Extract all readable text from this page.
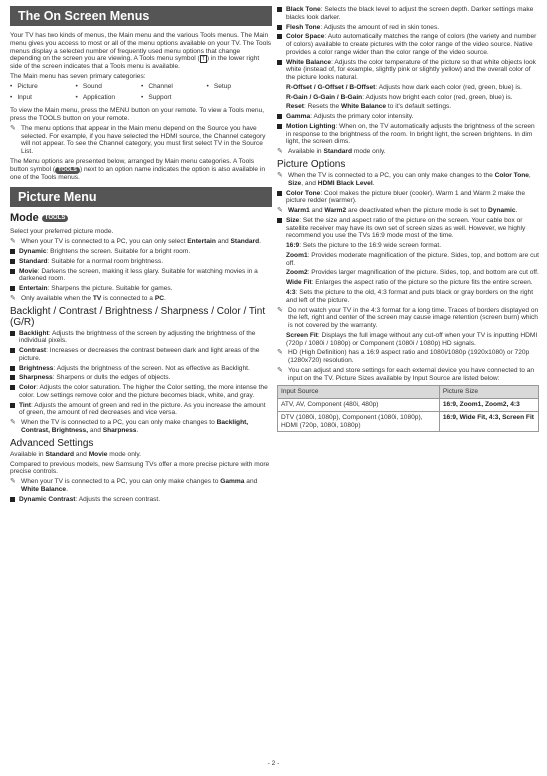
The On Screen Menus

Your TV has two kinds of menus, the Main menu and the various Tools menus. The Main menu gives you access to most or all of the menu options available on your TV. The Tools menus display a selected number of frequently used menu options that change depending on the screen you are viewing. A Tools menu symbol ( T ) in the lower right side of the screen indicates that a Tools menu is available.

The Main menu has seven primary categories:

• Picture	• Sound	• Channel	• Setup
• Input	• Application	• Support

To view the Main menu, press the MENU button on your remote. To view a Tools menu, press the TOOLS button on your remote.

✎ The menu options that appear in the Main menu depend on the Source you have selected. For example, if you have selected the HDMI source, the Channel category will not appear. To see the Channel category, you must first select TV in the Source List.

The Menu options are presented below, arranged by Main menu categories. A Tools button symbol ( TOOLS ) next to an option name indicates the option is also available in one of the Tools menus.

Picture Menu
Mode TOOLS

Select your preferred picture mode.

✎ When your TV is connected to a PC, you can only select Entertain and Standard.
Dynamic: Brightens the screen. Suitable for a bright room.
Standard: Suitable for a normal room brightness.
Movie: Darkens the screen, making it less glary. Suitable for watching movies in a darkened room.
Entertain: Sharpens the picture. Suitable for games.
✎ Only available when the TV is connected to a PC.
Backlight / Contrast / Brightness / Sharpness / Color / Tint (G/R)
Backlight: Adjusts the brightness of the screen by adjusting the brightness of the individual pixels.
Contrast: Increases or decreases the contrast between dark and light areas of the picture.
Brightness: Adjusts the brightness of the screen. Not as effective as Backlight.
Sharpness: Sharpens or dulls the edges of objects.
Color: Adjusts the color saturation. The higher the Color setting, the more intense the color. Low settings remove color and the picture becomes black, white, and gray.
Tint: Adjusts the amount of green and red in the picture. As you increase the amount of green, the amount of red decreases and vice versa.
✎ When the TV is connected to a PC, you can only make changes to Backlight, Contrast, Brightness, and Sharpness.
Advanced Settings

Available in Standard and Movie mode only.

Compared to previous models, new Samsung TVs offer a more precise picture with more precise controls.

✎ When your TV is connected to a PC, you can only make changes to Gamma and White Balance.
Dynamic Contrast: Adjusts the screen contrast.
Black Tone: Selects the black level to adjust the screen depth. Darker settings make blacks look darker.
Flesh Tone: Adjusts the amount of red in skin tones.
Color Space: Auto automatically matches the range of colors (the variety and number of colors) available to create pictures with the color range of the video source. Native provides a color range wider than the color range of the video source.
White Balance: Adjusts the color temperature of the picture so that white objects look white (instead of, for example, slightly pink or slightly yellow) and the overall color of the picture looks natural.
R-Offset / G-Offset / B-Offset: Adjusts how dark each color (red, green, blue) is.
R-Gain / G-Gain / B-Gain: Adjusts how bright each color (red, green, blue) is.
Reset: Resets the White Balance to it's default settings.
Gamma: Adjusts the primary color intensity.
Motion Lighting: When on, the TV automatically adjusts the brightness of the screen in response to the brightness of the room. In bright light, the screen brightens. In dim light, the screen dims.
✎ Available in Standard mode only.
Picture Options
✎ When the TV is connected to a PC, you can only make changes to the Color Tone, Size, and HDMI Black Level.
Color Tone: Cool makes the picture bluer (cooler). Warm 1 and Warm 2 make the picture redder (warmer).
✎ Warm1 and Warm2 are deactivated when the picture mode is set to Dynamic.
Size: Set the size and aspect ratio of the picture on the screen. Your cable box or satellite receiver may have its own set of screen sizes as well. However, we highly recommend you use the TVs 16:9 mode most of the time.
16:9: Sets the picture to the 16:9 wide screen format.
Zoom1: Provides moderate magnification of the picture. Sides, top, and bottom are cut off.
Zoom2: Provides larger magnification of the picture. Sides, top, and bottom are cut off.
Wide Fit: Enlarges the aspect ratio of the picture so the picture fits the entire screen.
4:3: Sets the picture to the old, 4:3 format and puts black or gray borders on the right and left of the picture.
✎ Do not watch your TV in the 4:3 format for a long time. Traces of borders displayed on the left, right and center of the screen may cause image retention (screen burn) which is not covered by the warranty.
Screen Fit: Displays the full image without any cut-off when your TV is inputting HDMI (720p / 1080i / 1080p) or Component (1080i / 1080p) HD signals.
✎ HD (High Definition) has a 16:9 aspect ratio and 1080i/1080p (1920x1080) or 720p (1280x720) resolution.
✎ You can adjust and store settings for each external device you have connected to an input on the TV. Picture Sizes available by Input Source are listed below:
Input Source	Picture Size
ATV, AV, Component (480i, 480p)	16:9, Zoom1, Zoom2, 4:3
DTV (1080i, 1080p), Component (1080i, 1080p), HDMI (720p, 1080i, 1080p)	16:9, Wide Fit, 4:3, Screen Fit
- 2 -
